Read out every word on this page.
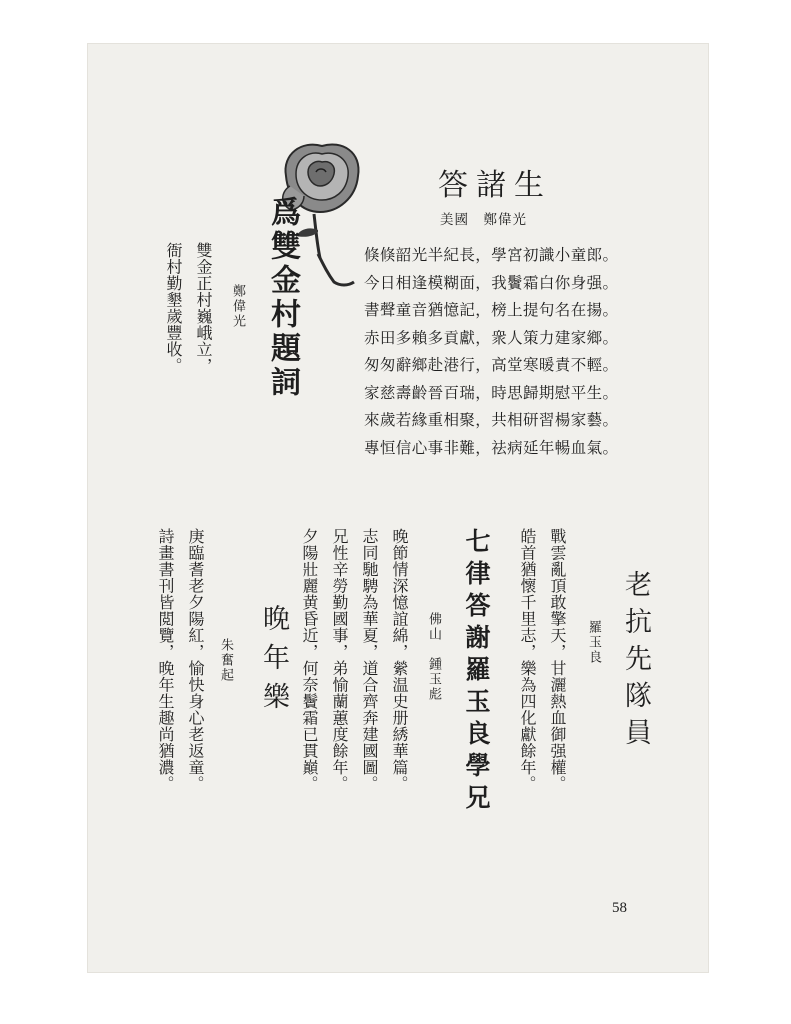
答諸生
美國　鄭偉光
倏倏韶光半紀長，學宮初識小童郎。
今日相逢模糊面，我鬢霜白你身强。
書聲童音猶憶記，榜上提句名在揚。
赤田多賴多貢獻，衆人策力建家鄉。
匆匆辭鄉赴港行，高堂寒暖責不輕。
家慈壽齡晉百瑞，時思歸期慰平生。
來歲若緣重相聚，共相研習楊家藝。
專恒信心事非難，祛病延年暢血氣。
爲雙金村題詞
鄭偉光
雙金正村巍峨立，
衙村勤墾歲豐收。
老抗先隊員
羅玉良
戰雲亂頂敢擎天，甘灑熱血御强權。
皓首猶懷千里志，樂為四化獻餘年。
七律答謝羅玉良學兄
佛山　鍾玉彪
晚節情深憶誼綿，縈温史册綉華篇。
志同馳騁為華夏，道合齊奔建國圖。
兄性辛勞勤國事，弟愉蘭蕙度餘年。
夕陽壯麗黄昏近，何奈鬢霜已貫巔。
晚年樂
朱奮起
庚臨耆老夕陽紅，愉快身心老返童。
詩畫書刊皆閲覽，晚年生趣尚猶濃。
58
